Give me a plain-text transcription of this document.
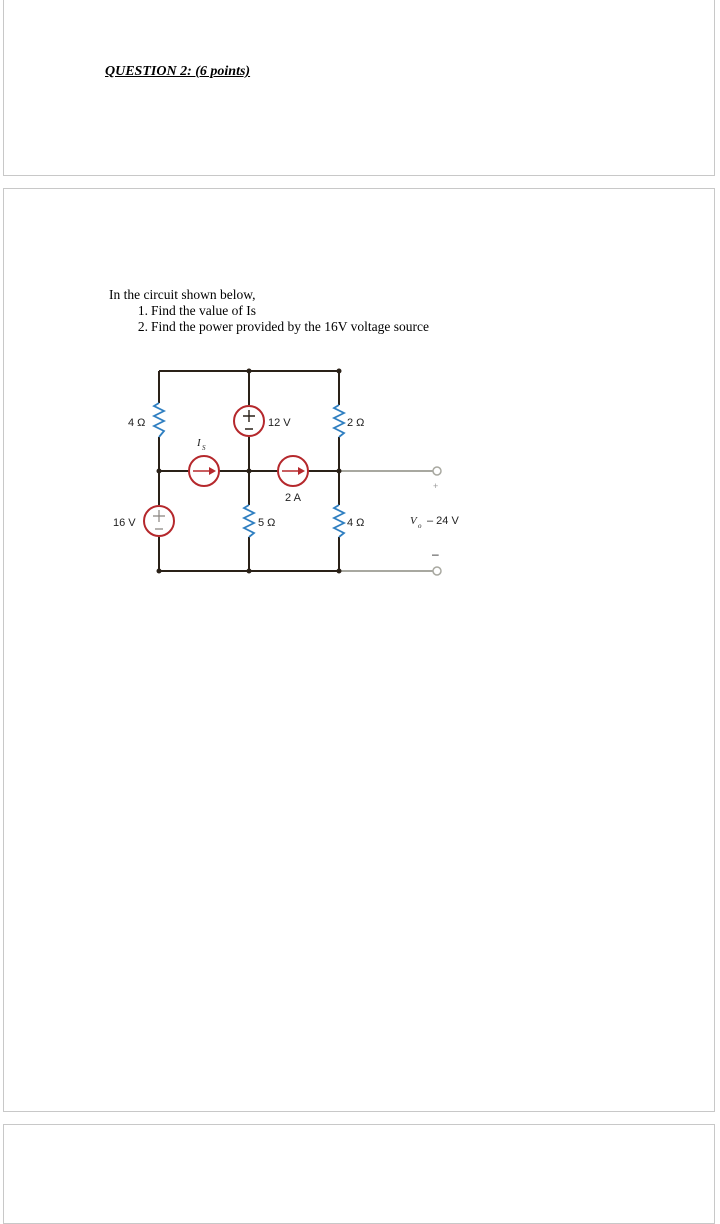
QUESTION 2: (6 points)
In the circuit shown below,
1. Find the value of Is
2. Find the power provided by the 16V voltage source
4 Ω	12 V	2 Ω
I S
2 A
16 V	5 Ω	4 Ω	V o – 24 V
+
–
